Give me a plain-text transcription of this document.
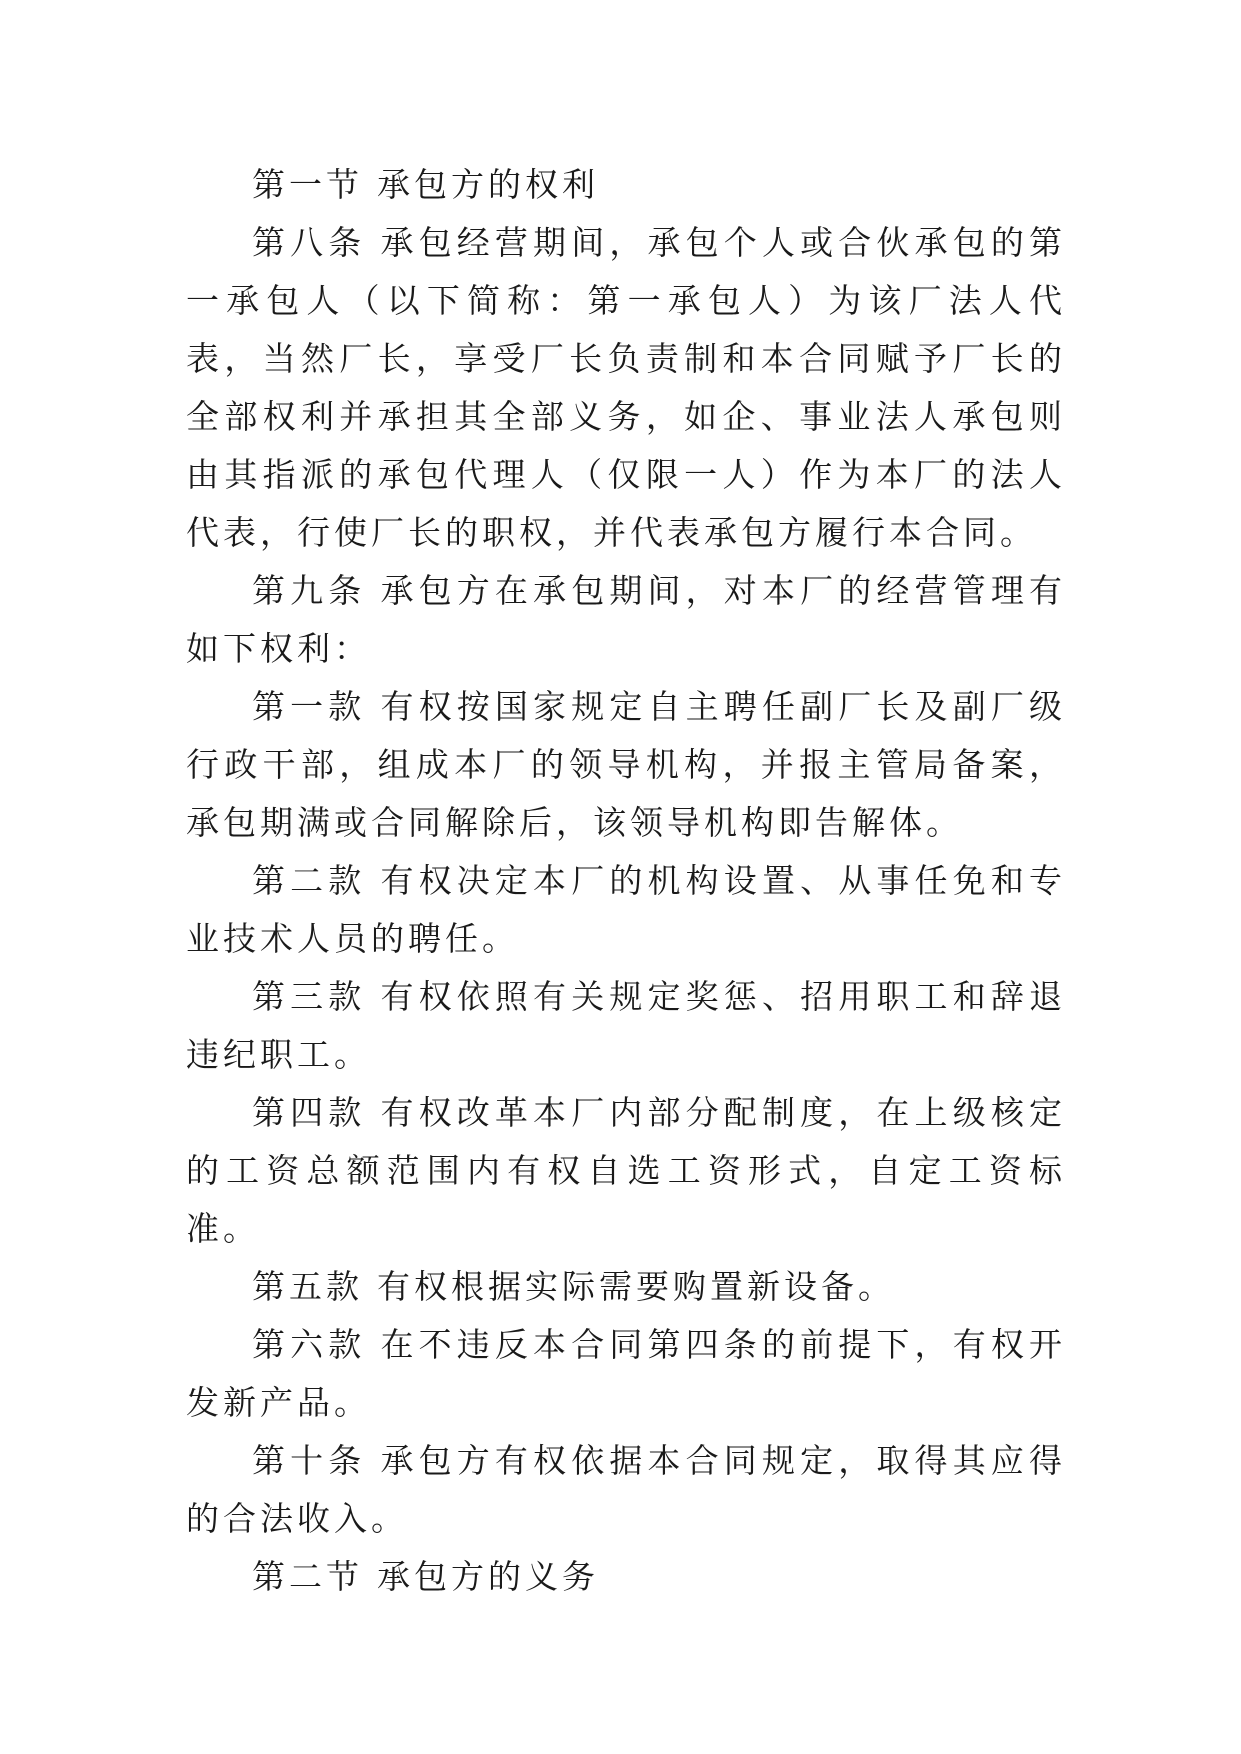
第一节 承包方的权利

第八条 承包经营期间，承包个人或合伙承包的第一承包人（以下简称：第一承包人）为该厂法人代表，当然厂长，享受厂长负责制和本合同赋予厂长的全部权利并承担其全部义务，如企、事业法人承包则由其指派的承包代理人（仅限一人）作为本厂的法人代表，行使厂长的职权，并代表承包方履行本合同。

第九条 承包方在承包期间，对本厂的经营管理有如下权利：

第一款 有权按国家规定自主聘任副厂长及副厂级行政干部，组成本厂的领导机构，并报主管局备案，承包期满或合同解除后，该领导机构即告解体。

第二款 有权决定本厂的机构设置、从事任免和专业技术人员的聘任。

第三款 有权依照有关规定奖惩、招用职工和辞退违纪职工。

第四款 有权改革本厂内部分配制度，在上级核定的工资总额范围内有权自选工资形式，自定工资标准。

第五款 有权根据实际需要购置新设备。

第六款 在不违反本合同第四条的前提下，有权开发新产品。

第十条 承包方有权依据本合同规定，取得其应得的合法收入。

第二节 承包方的义务
